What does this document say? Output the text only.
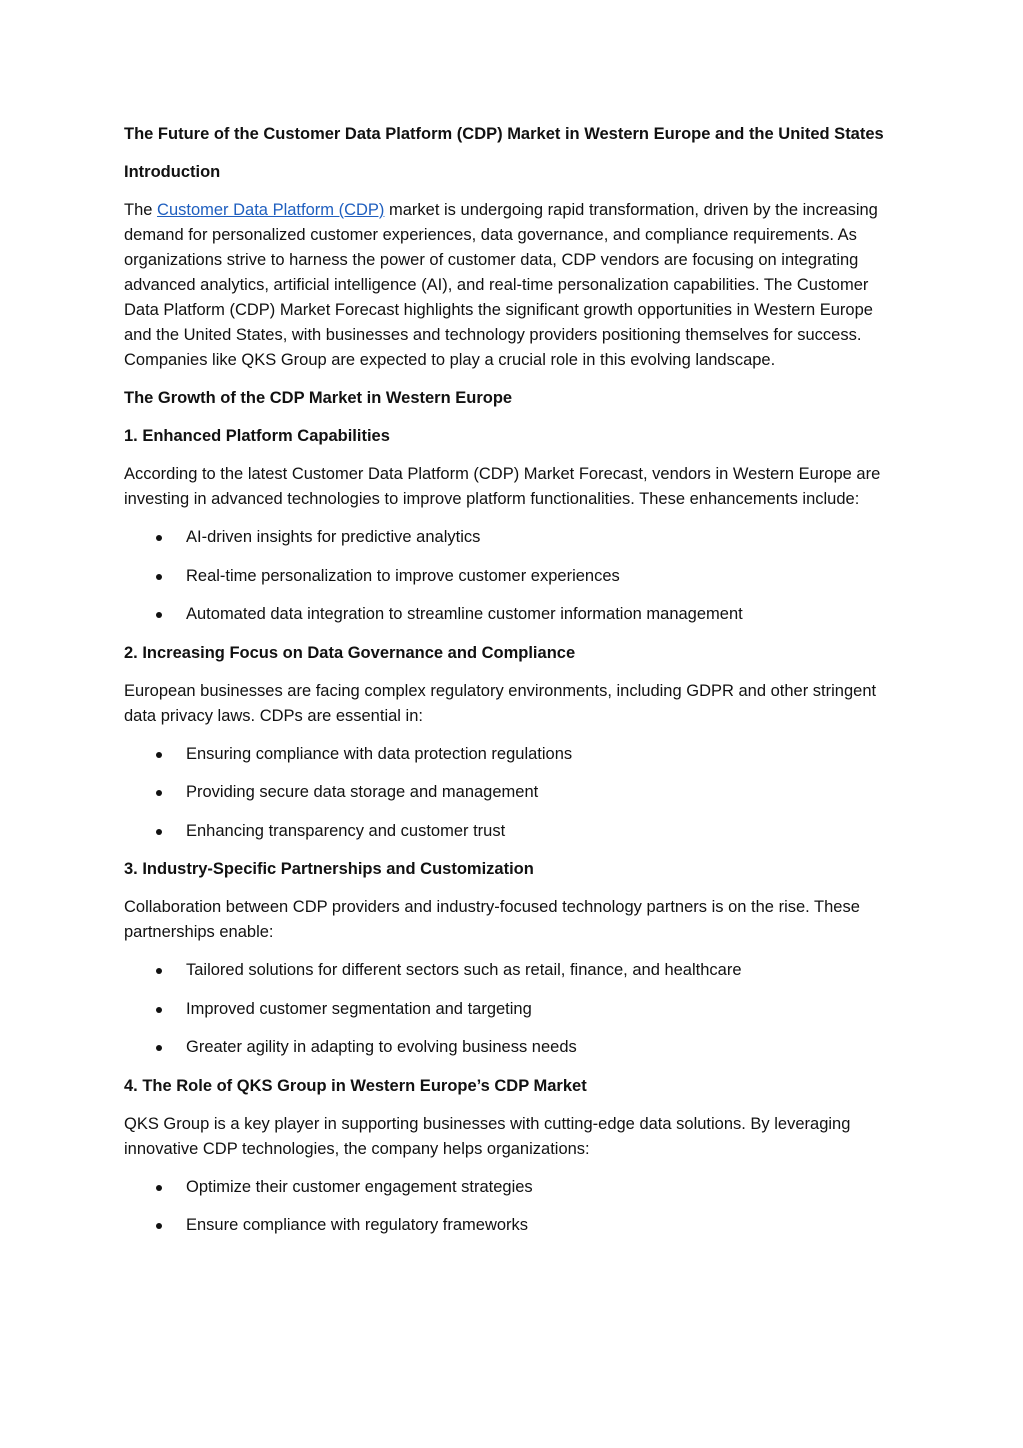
The Future of the Customer Data Platform (CDP) Market in Western Europe and the United States
Introduction

The Customer Data Platform (CDP) market is undergoing rapid transformation, driven by the increasing demand for personalized customer experiences, data governance, and compliance requirements. As organizations strive to harness the power of customer data, CDP vendors are focusing on integrating advanced analytics, artificial intelligence (AI), and real-time personalization capabilities. The Customer Data Platform (CDP) Market Forecast highlights the significant growth opportunities in Western Europe and the United States, with businesses and technology providers positioning themselves for success. Companies like QKS Group are expected to play a crucial role in this evolving landscape.

The Growth of the CDP Market in Western Europe
1. Enhanced Platform Capabilities

According to the latest Customer Data Platform (CDP) Market Forecast, vendors in Western Europe are investing in advanced technologies to improve platform functionalities. These enhancements include:

AI-driven insights for predictive analytics
Real-time personalization to improve customer experiences
Automated data integration to streamline customer information management
2. Increasing Focus on Data Governance and Compliance

European businesses are facing complex regulatory environments, including GDPR and other stringent data privacy laws. CDPs are essential in:

Ensuring compliance with data protection regulations
Providing secure data storage and management
Enhancing transparency and customer trust
3. Industry-Specific Partnerships and Customization

Collaboration between CDP providers and industry-focused technology partners is on the rise. These partnerships enable:

Tailored solutions for different sectors such as retail, finance, and healthcare
Improved customer segmentation and targeting
Greater agility in adapting to evolving business needs
4. The Role of QKS Group in Western Europe’s CDP Market

QKS Group is a key player in supporting businesses with cutting-edge data solutions. By leveraging innovative CDP technologies, the company helps organizations:

Optimize their customer engagement strategies
Ensure compliance with regulatory frameworks
